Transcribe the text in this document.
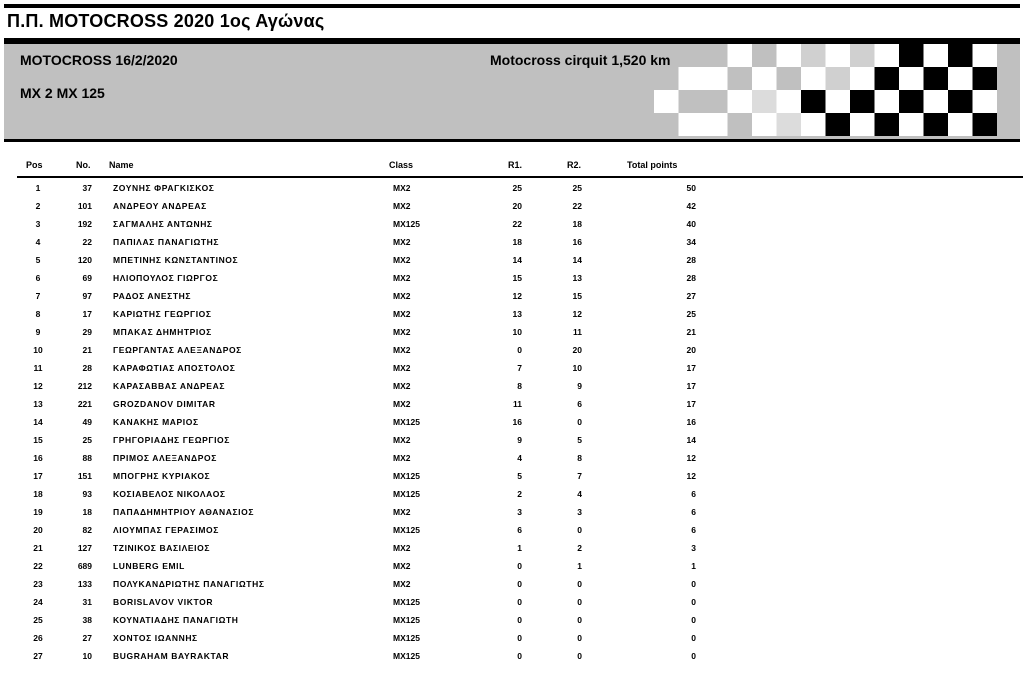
Π.Π. MOTOCROSS 2020 1ος Αγώνας
MOTOCROSS 16/2/2020
MX 2 MX 125
Motocross cirquit 1,520 km
Pos	No. Name	Class	R1.	R2.	Total points
1	37 ΖΟΥΝΗΣ ΦΡΑΓΚΙΣΚΟΣ	MX2	25	25	50
2	101 ΑΝΔΡΕΟΥ ΑΝΔΡΕΑΣ	MX2	20	22	42
3	192 ΣΑΓΜΑΛΗΣ ΑΝΤΩΝΗΣ	MX125	22	18	40
4	22 ΠΑΠΙΛΑΣ ΠΑΝΑΓΙΩΤΗΣ	MX2	18	16	34
5	120 ΜΠΕΤΙΝΗΣ ΚΩΝΣΤΑΝΤΙΝΟΣ	MX2	14	14	28
6	69 ΗΛΙΟΠΟΥΛΟΣ ΓΙΩΡΓΟΣ	MX2	15	13	28
7	97 ΡΑΔΟΣ ΑΝΕΣΤΗΣ	MX2	12	15	27
8	17 ΚΑΡΙΩΤΗΣ ΓΕΩΡΓΙΟΣ	MX2	13	12	25
9	29 ΜΠΑΚΑΣ ΔΗΜΗΤΡΙΟΣ	MX2	10	11	21
10	21 ΓΕΩΡΓΑΝΤΑΣ ΑΛΕΞΑΝΔΡΟΣ	MX2	0	20	20
11	28 ΚΑΡΑΦΩΤΙΑΣ ΑΠΟΣΤΟΛΟΣ	MX2	7	10	17
12	212 ΚΑΡΑΣΑΒΒΑΣ ΑΝΔΡΕΑΣ	MX2	8	9	17
13	221 GROZDANOV DIMITAR	MX2	11	6	17
14	49 ΚΑΝΑΚΗΣ ΜΑΡΙΟΣ	MX125	16	0	16
15	25 ΓΡΗΓΟΡΙΑΔΗΣ ΓΕΩΡΓΙΟΣ	MX2	9	5	14
16	88 ΠΡΙΜΟΣ ΑΛΕΞΑΝΔΡΟΣ	MX2	4	8	12
17	151 ΜΠΟΓΡΗΣ ΚΥΡΙΑΚΟΣ	MX125	5	7	12
18	93 ΚΟΣΙΑΒΕΛΟΣ ΝΙΚΟΛΑΟΣ	MX125	2	4	6
19	18 ΠΑΠΑΔΗΜΗΤΡΙΟΥ ΑΘΑΝΑΣΙΟΣ	MX2	3	3	6
20	82 ΛΙΟΥΜΠΑΣ ΓΕΡΑΣΙΜΟΣ	MX125	6	0	6
21	127 ΤΖΙΝΙΚΟΣ ΒΑΣΙΛΕΙΟΣ	MX2	1	2	3
22	689 LUNBERG EMIL	MX2	0	1	1
23	133 ΠΟΛΥΚΑΝΔΡΙΩΤΗΣ ΠΑΝΑΓΙΩΤΗΣ	MX2	0	0	0
24	31 BORISLAVOV VIKTOR	MX125	0	0	0
25	38 ΚΟΥΝΑΤΙΑΔΗΣ ΠΑΝΑΓΙΩΤΗ	MX125	0	0	0
26	27 ΧΟΝΤΟΣ ΙΩΑΝΝΗΣ	MX125	0	0	0
27	10 BUGRAHAM BAYRAKTAR	MX125	0	0	0
